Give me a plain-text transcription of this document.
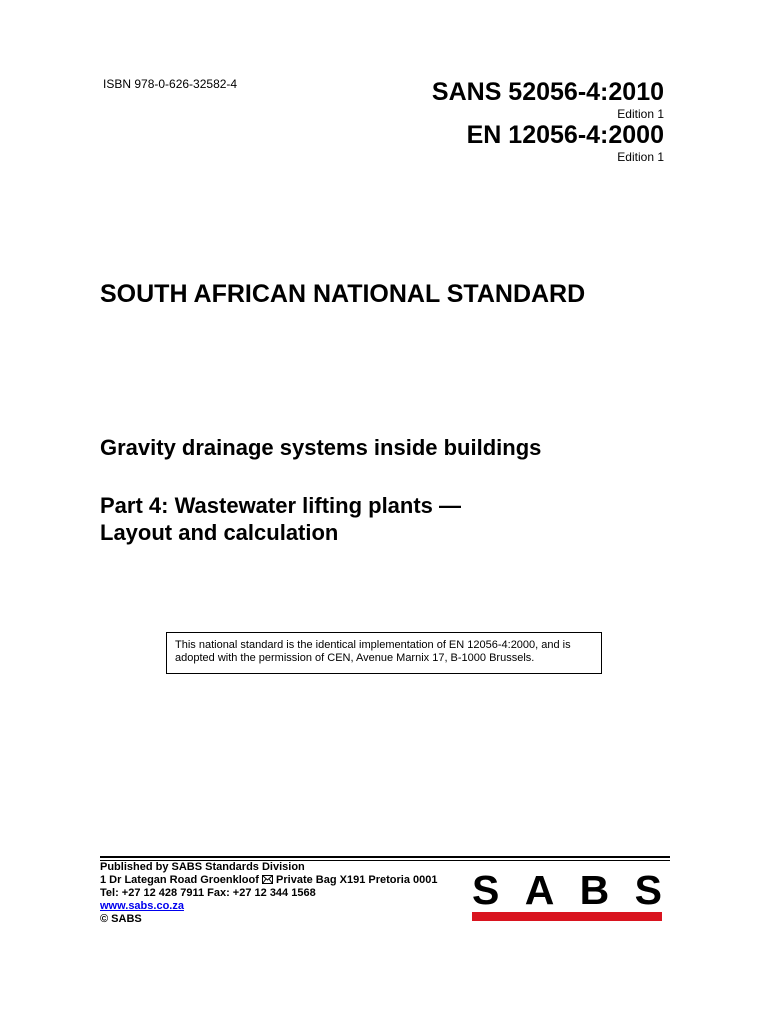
ISBN 978-0-626-32582-4	SANS 52056-4:2010
Edition 1
EN 12056-4:2000
Edition 1
SOUTH AFRICAN NATIONAL STANDARD
Gravity drainage systems inside buildings
Part 4: Wastewater lifting plants —
Layout and calculation
This national standard is the identical implementation of EN 12056-4:2000, and is
adopted with the permission of CEN, Avenue Marnix 17, B-1000 Brussels.
Published by SABS Standards Division
1 Dr Lategan Road Groenkloof Private Bag X191 Pretoria 0001
Tel: +27 12 428 7911 Fax: +27 12 344 1568
www.sabs.co.za
© SABS
S A B S
